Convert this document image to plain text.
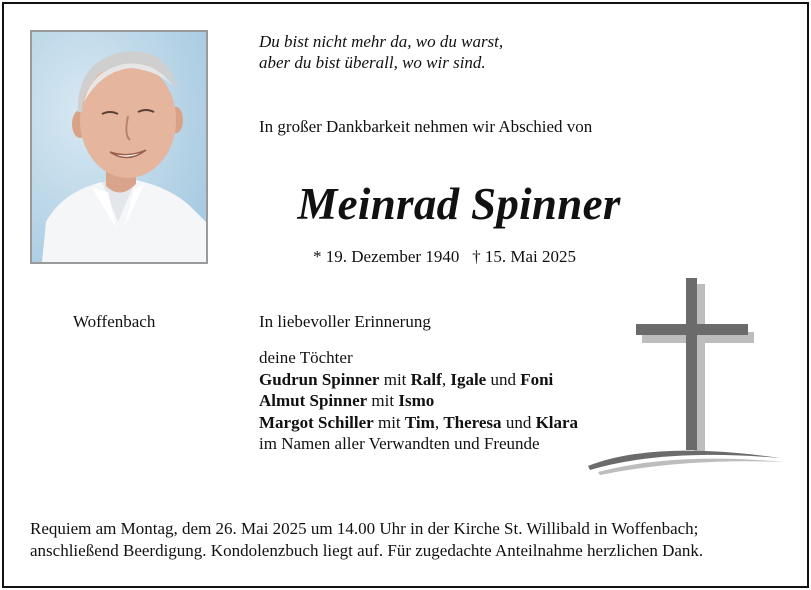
Du bist nicht mehr da, wo du warst,
aber du bist überall, wo wir sind.
In großer Dankbarkeit nehmen wir Abschied von
Meinrad Spinner
* 19. Dezember 1940 † 15. Mai 2025
Woffenbach	In liebevoller Erinnerung
deine Töchter
Gudrun Spinner mit Ralf, Igale und Foni
Almut Spinner mit Ismo
Margot Schiller mit Tim, Theresa und Klara
im Namen aller Verwandten und Freunde
Requiem am Montag, dem 26. Mai 2025 um 14.00 Uhr in der Kirche St. Willibald in Woffenbach;
anschließend Beerdigung. Kondolenzbuch liegt auf. Für zugedachte Anteilnahme herzlichen Dank.
